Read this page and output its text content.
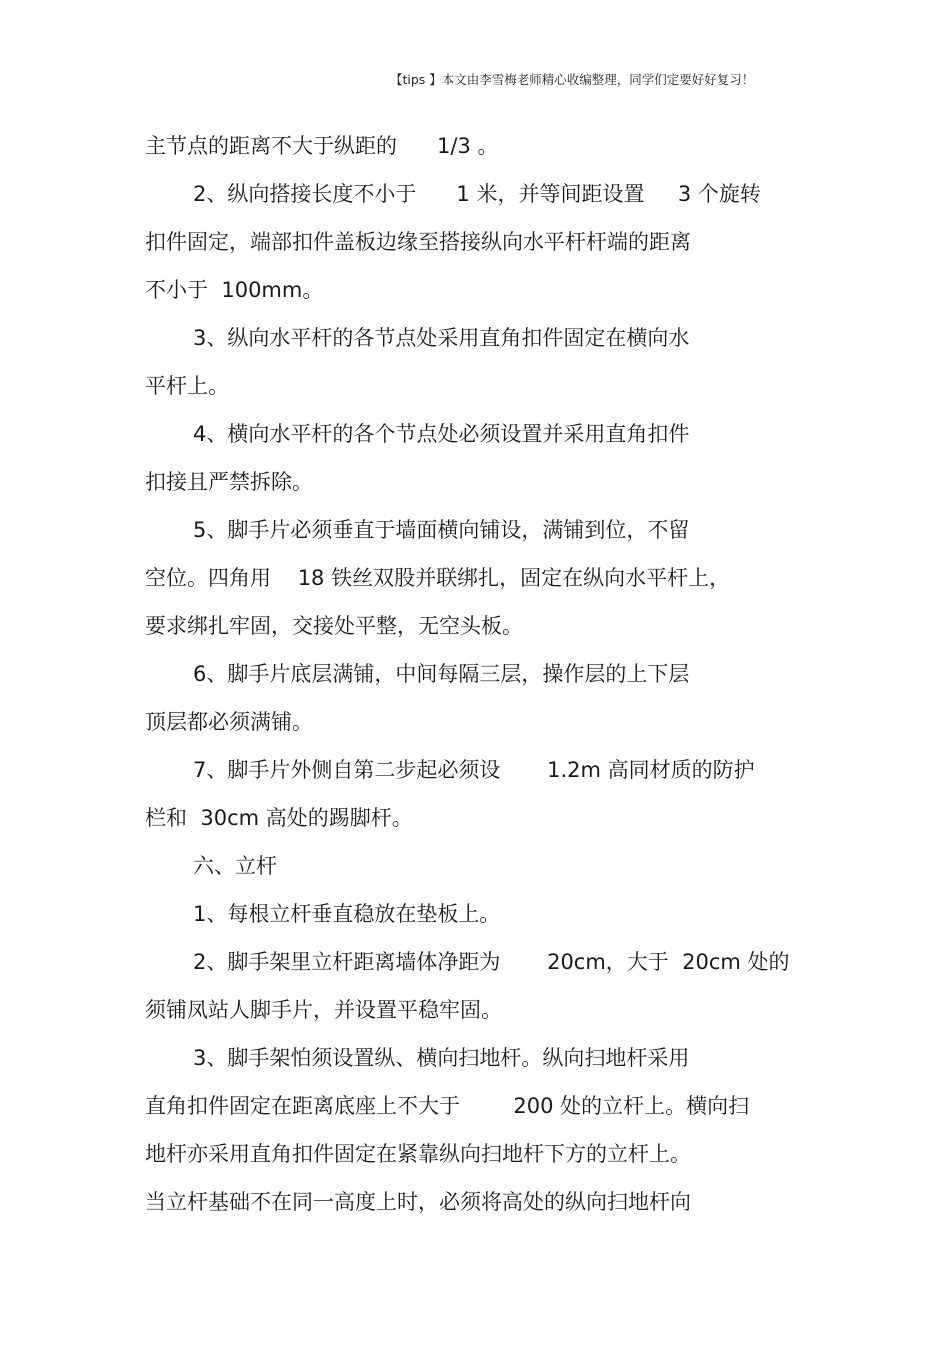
【tips 】本文由李雪梅老师精心收编整理，同学们定要好好复习！
主节点的距离不大于纵距的      1/3 。
2、纵向搭接长度不小于      1 米，并等间距设置     3 个旋转
扣件固定，端部扣件盖板边缘至搭接纵向水平杆杆端的距离
不小于  100mm。
3、纵向水平杆的各节点处采用直角扣件固定在横向水
平杆上。
4、横向水平杆的各个节点处必须设置并采用直角扣件
扣接且严禁拆除。
5、脚手片必须垂直于墙面横向铺设，满铺到位，不留
空位。四角用    18 铁丝双股并联绑扎，固定在纵向水平杆上，
要求绑扎牢固，交接处平整，无空头板。
6、脚手片底层满铺，中间每隔三层，操作层的上下层
顶层都必须满铺。
7、脚手片外侧自第二步起必须设       1.2m 高同材质的防护
栏和  30cm 高处的踢脚杆。
六、立杆
1、每根立杆垂直稳放在垫板上。
2、脚手架里立杆距离墙体净距为       20cm，大于  20cm 处的
须铺凤站人脚手片，并设置平稳牢固。
3、脚手架怕须设置纵、横向扫地杆。纵向扫地杆采用
直角扣件固定在距离底座上不大于        200 处的立杆上。横向扫
地杆亦采用直角扣件固定在紧靠纵向扫地杆下方的立杆上。
当立杆基础不在同一高度上时，必须将高处的纵向扫地杆向
